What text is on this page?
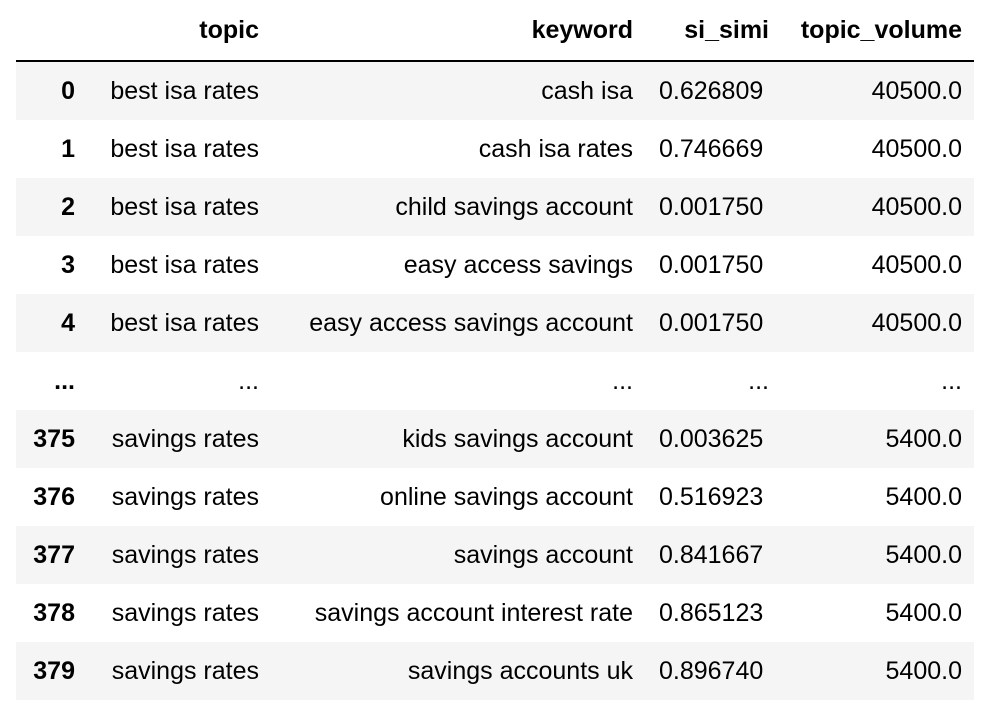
	topic	keyword	si_simi	topic_volume
0	best isa rates	cash isa	0.626809	40500.0
1	best isa rates	cash isa rates	0.746669	40500.0
2	best isa rates	child savings account	0.001750	40500.0
3	best isa rates	easy access savings	0.001750	40500.0
4	best isa rates	easy access savings account	0.001750	40500.0
...	...	...	...	...
375	savings rates	kids savings account	0.003625	5400.0
376	savings rates	online savings account	0.516923	5400.0
377	savings rates	savings account	0.841667	5400.0
378	savings rates	savings account interest rate	0.865123	5400.0
379	savings rates	savings accounts uk	0.896740	5400.0
